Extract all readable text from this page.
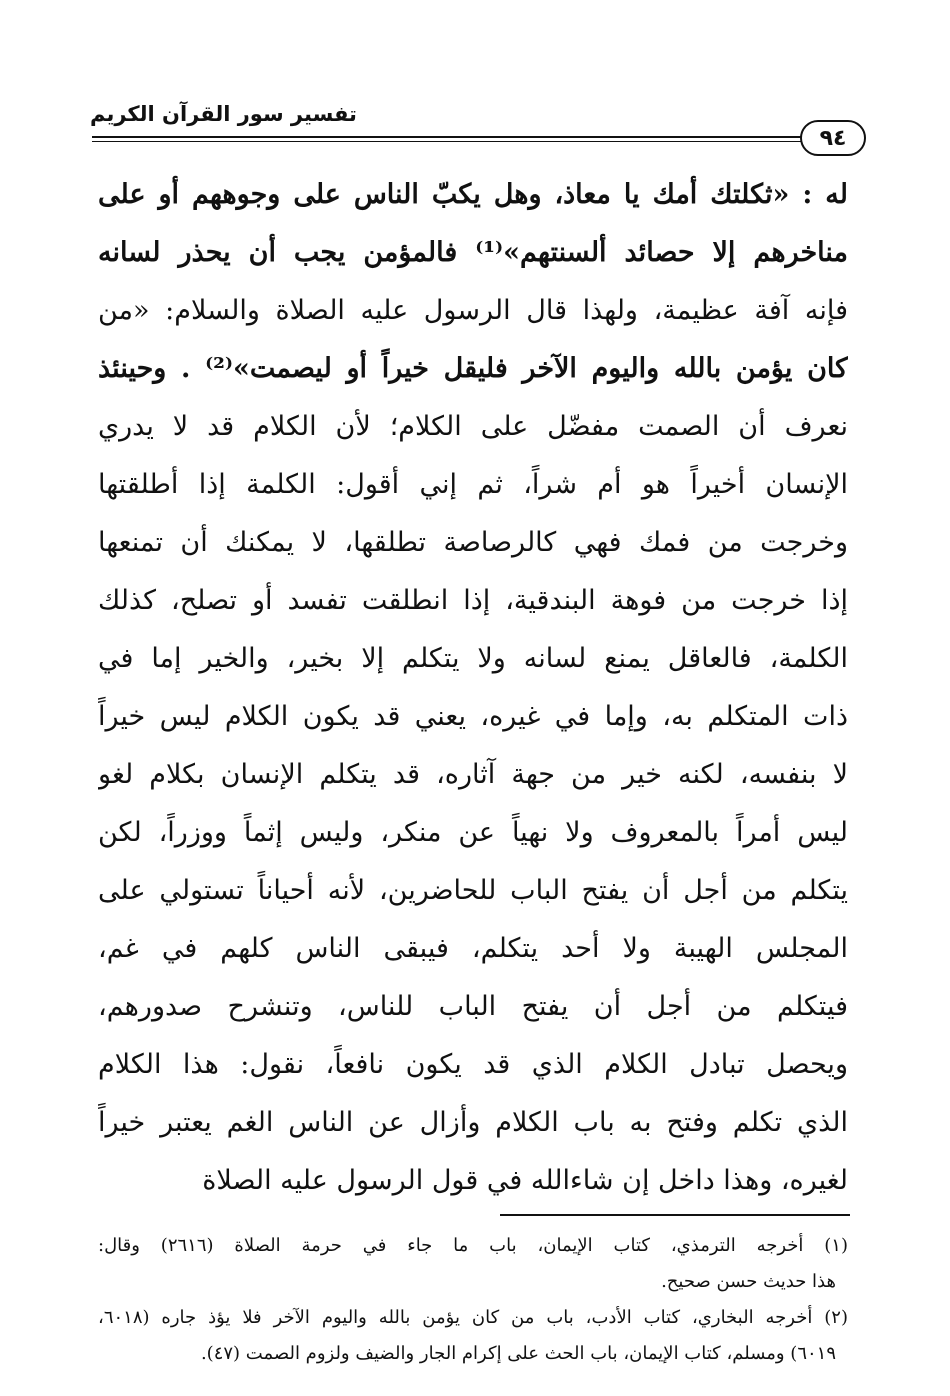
تفسير سور القرآن الكريم
٩٤
له : «ثكلتك أمك يا معاذ، وهل يكبّ الناس على وجوههم أو على
مناخرهم إلا حصائد ألسنتهم»⁽¹⁾ فالمؤمن يجب أن يحذر لسانه
فإنه آفة عظيمة، ولهذا قال الرسول عليه الصلاة والسلام: «من
كان يؤمن بالله واليوم الآخر فليقل خيراً أو ليصمت»⁽²⁾ . وحينئذ
نعرف أن الصمت مفضّل على الكلام؛ لأن الكلام قد لا يدري
الإنسان أخيراً هو أم شراً، ثم إني أقول: الكلمة إذا أطلقتها
وخرجت من فمك فهي كالرصاصة تطلقها، لا يمكنك أن تمنعها
إذا خرجت من فوهة البندقية، إذا انطلقت تفسد أو تصلح، كذلك
الكلمة، فالعاقل يمنع لسانه ولا يتكلم إلا بخير، والخير إما في
ذات المتكلم به، وإما في غيره، يعني قد يكون الكلام ليس خيراً
لا بنفسه، لكنه خير من جهة آثاره، قد يتكلم الإنسان بكلام لغو
ليس أمراً بالمعروف ولا نهياً عن منكر، وليس إثماً ووزراً، لكن
يتكلم من أجل أن يفتح الباب للحاضرين، لأنه أحياناً تستولي على
المجلس الهيبة ولا أحد يتكلم، فيبقى الناس كلهم في غم،
فيتكلم من أجل أن يفتح الباب للناس، وتنشرح صدورهم،
ويحصل تبادل الكلام الذي قد يكون نافعاً، نقول: هذا الكلام
الذي تكلم وفتح به باب الكلام وأزال عن الناس الغم يعتبر خيراً
لغيره، وهذا داخل إن شاءالله في قول الرسول عليه الصلاة
(١) أخرجه الترمذي، كتاب الإيمان، باب ما جاء في حرمة الصلاة (٢٦١٦) وقال:
هذا حديث حسن صحيح.
(٢) أخرجه البخاري، كتاب الأدب، باب من كان يؤمن بالله واليوم الآخر فلا يؤذ جاره (٦٠١٨،
٦٠١٩) ومسلم، كتاب الإيمان، باب الحث على إكرام الجار والضيف ولزوم الصمت (٤٧).
